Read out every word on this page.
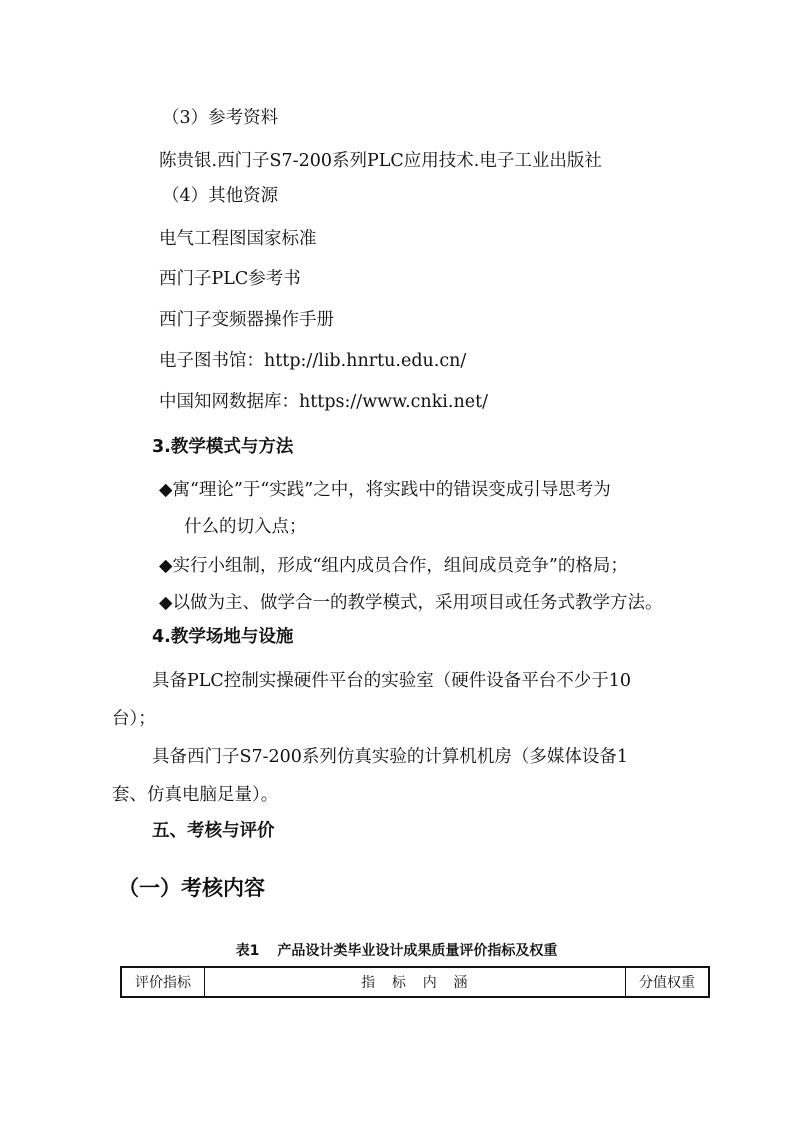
（3）参考资料
陈贵银.西门子S7-200系列PLC应用技术.电子工业出版社
（4）其他资源
电气工程图国家标准
西门子PLC参考书
西门子变频器操作手册
电子图书馆：http://lib.hnrtu.edu.cn/
中国知网数据库：https://www.cnki.net/
3.教学模式与方法
◆寓“理论”于“实践”之中，将实践中的错误变成引导思考为
什么的切入点；
◆实行小组制，形成“组内成员合作，组间成员竞争”的格局；
◆以做为主、做学合一的教学模式，采用项目或任务式教学方法。
4.教学场地与设施
具备PLC控制实操硬件平台的实验室（硬件设备平台不少于10
台）；
具备西门子S7-200系列仿真实验的计算机机房（多媒体设备1
套、仿真电脑足量）。
五、考核与评价
（一）考核内容
表1 产品设计类毕业设计成果质量评价指标及权重
评价指标	指　标　内　涵	分值权重
